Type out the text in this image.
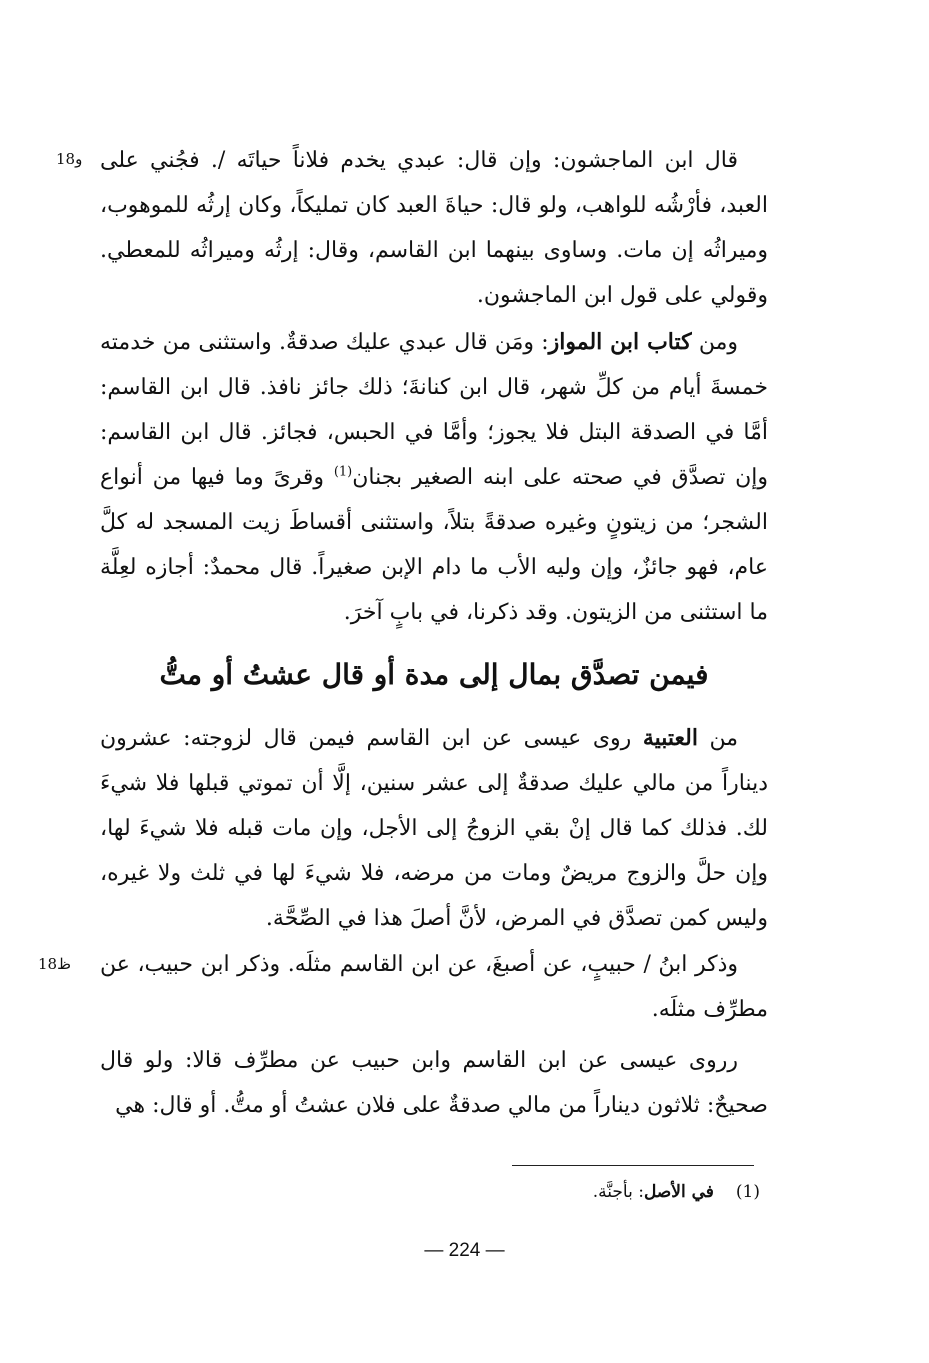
و18 قال ابن الماجشون: وإن قال: عبدي يخدم فلاناً حياتَه /. فجُني على العبد، فأرْشُه للواهب، ولو قال: حياةَ العبد كان تمليكاً، وكان إرثُه للموهوب، وميراثُه إن مات. وساوى بينهما ابن القاسم، وقال: إرثُه وميراثُه للمعطي. وقولي على قول ابن الماجشون.

ومن كتاب ابن المواز: ومَن قال عبدي عليك صدقةٌ. واستثنى من خدمته خمسةَ أيام من كلِّ شهر، قال ابن كنانةَ؛ ذلك جائز نافذ. قال ابن القاسم: أمَّا في الصدقة البتل فلا يجوز؛ وأمَّا في الحبس، فجائز. قال ابن القاسم: وإن تصدَّق في صحته على ابنه الصغير بجنان$^{(1)}$ وقرىً وما فيها من أنواع الشجر؛ من زيتونٍ وغيره صدقةً بتلاً، واستثنى أقساطَ زيت المسجد له كلَّ عام، فهو جائزٌ، وإن وليه الأب ما دام الإبن صغيراً. قال محمدٌ: أجازه لعِلَّة ما استثنى من الزيتون. وقد ذكرنا، في بابٍ آخرَ.

فيمن تصدَّق بمال إلى مدة أو قال عشتُ أو متُّ

من العتبية روى عيسى عن ابن القاسم فيمن قال لزوجته: عشرون ديناراً من مالي عليك صدقةٌ إلى عشر سنين، إلَّا أن تموتي قبلها فلا شيءَ لك. فذلك كما قال إنْ بقي الزوجُ إلى الأجل، وإن مات قبله فلا شيءَ لها، وإن حلَّ والزوج مريضٌ ومات من مرضه، فلا شيءَ لها في ثلث ولا غيره، وليس كمن تصدَّق في المرض، لأنَّ أصلَ هذا في الصِّحَّة.

ظ18 وذكر ابنُ / حبيبٍ، عن أصبغَ، عن ابن القاسم مثلَه. وذكر ابن حبيب، عن مطرِّف مثلَه.

رروى عيسى عن ابن القاسم وابن حبيب عن مطرِّف قالا: ولو قال صحيحٌ: ثلاثون ديناراً من مالي صدقةٌ على فلان عشتُ أو متُّ. أو قال: هي

(1)في الأصل: بأجنَّة.
— 224 —
